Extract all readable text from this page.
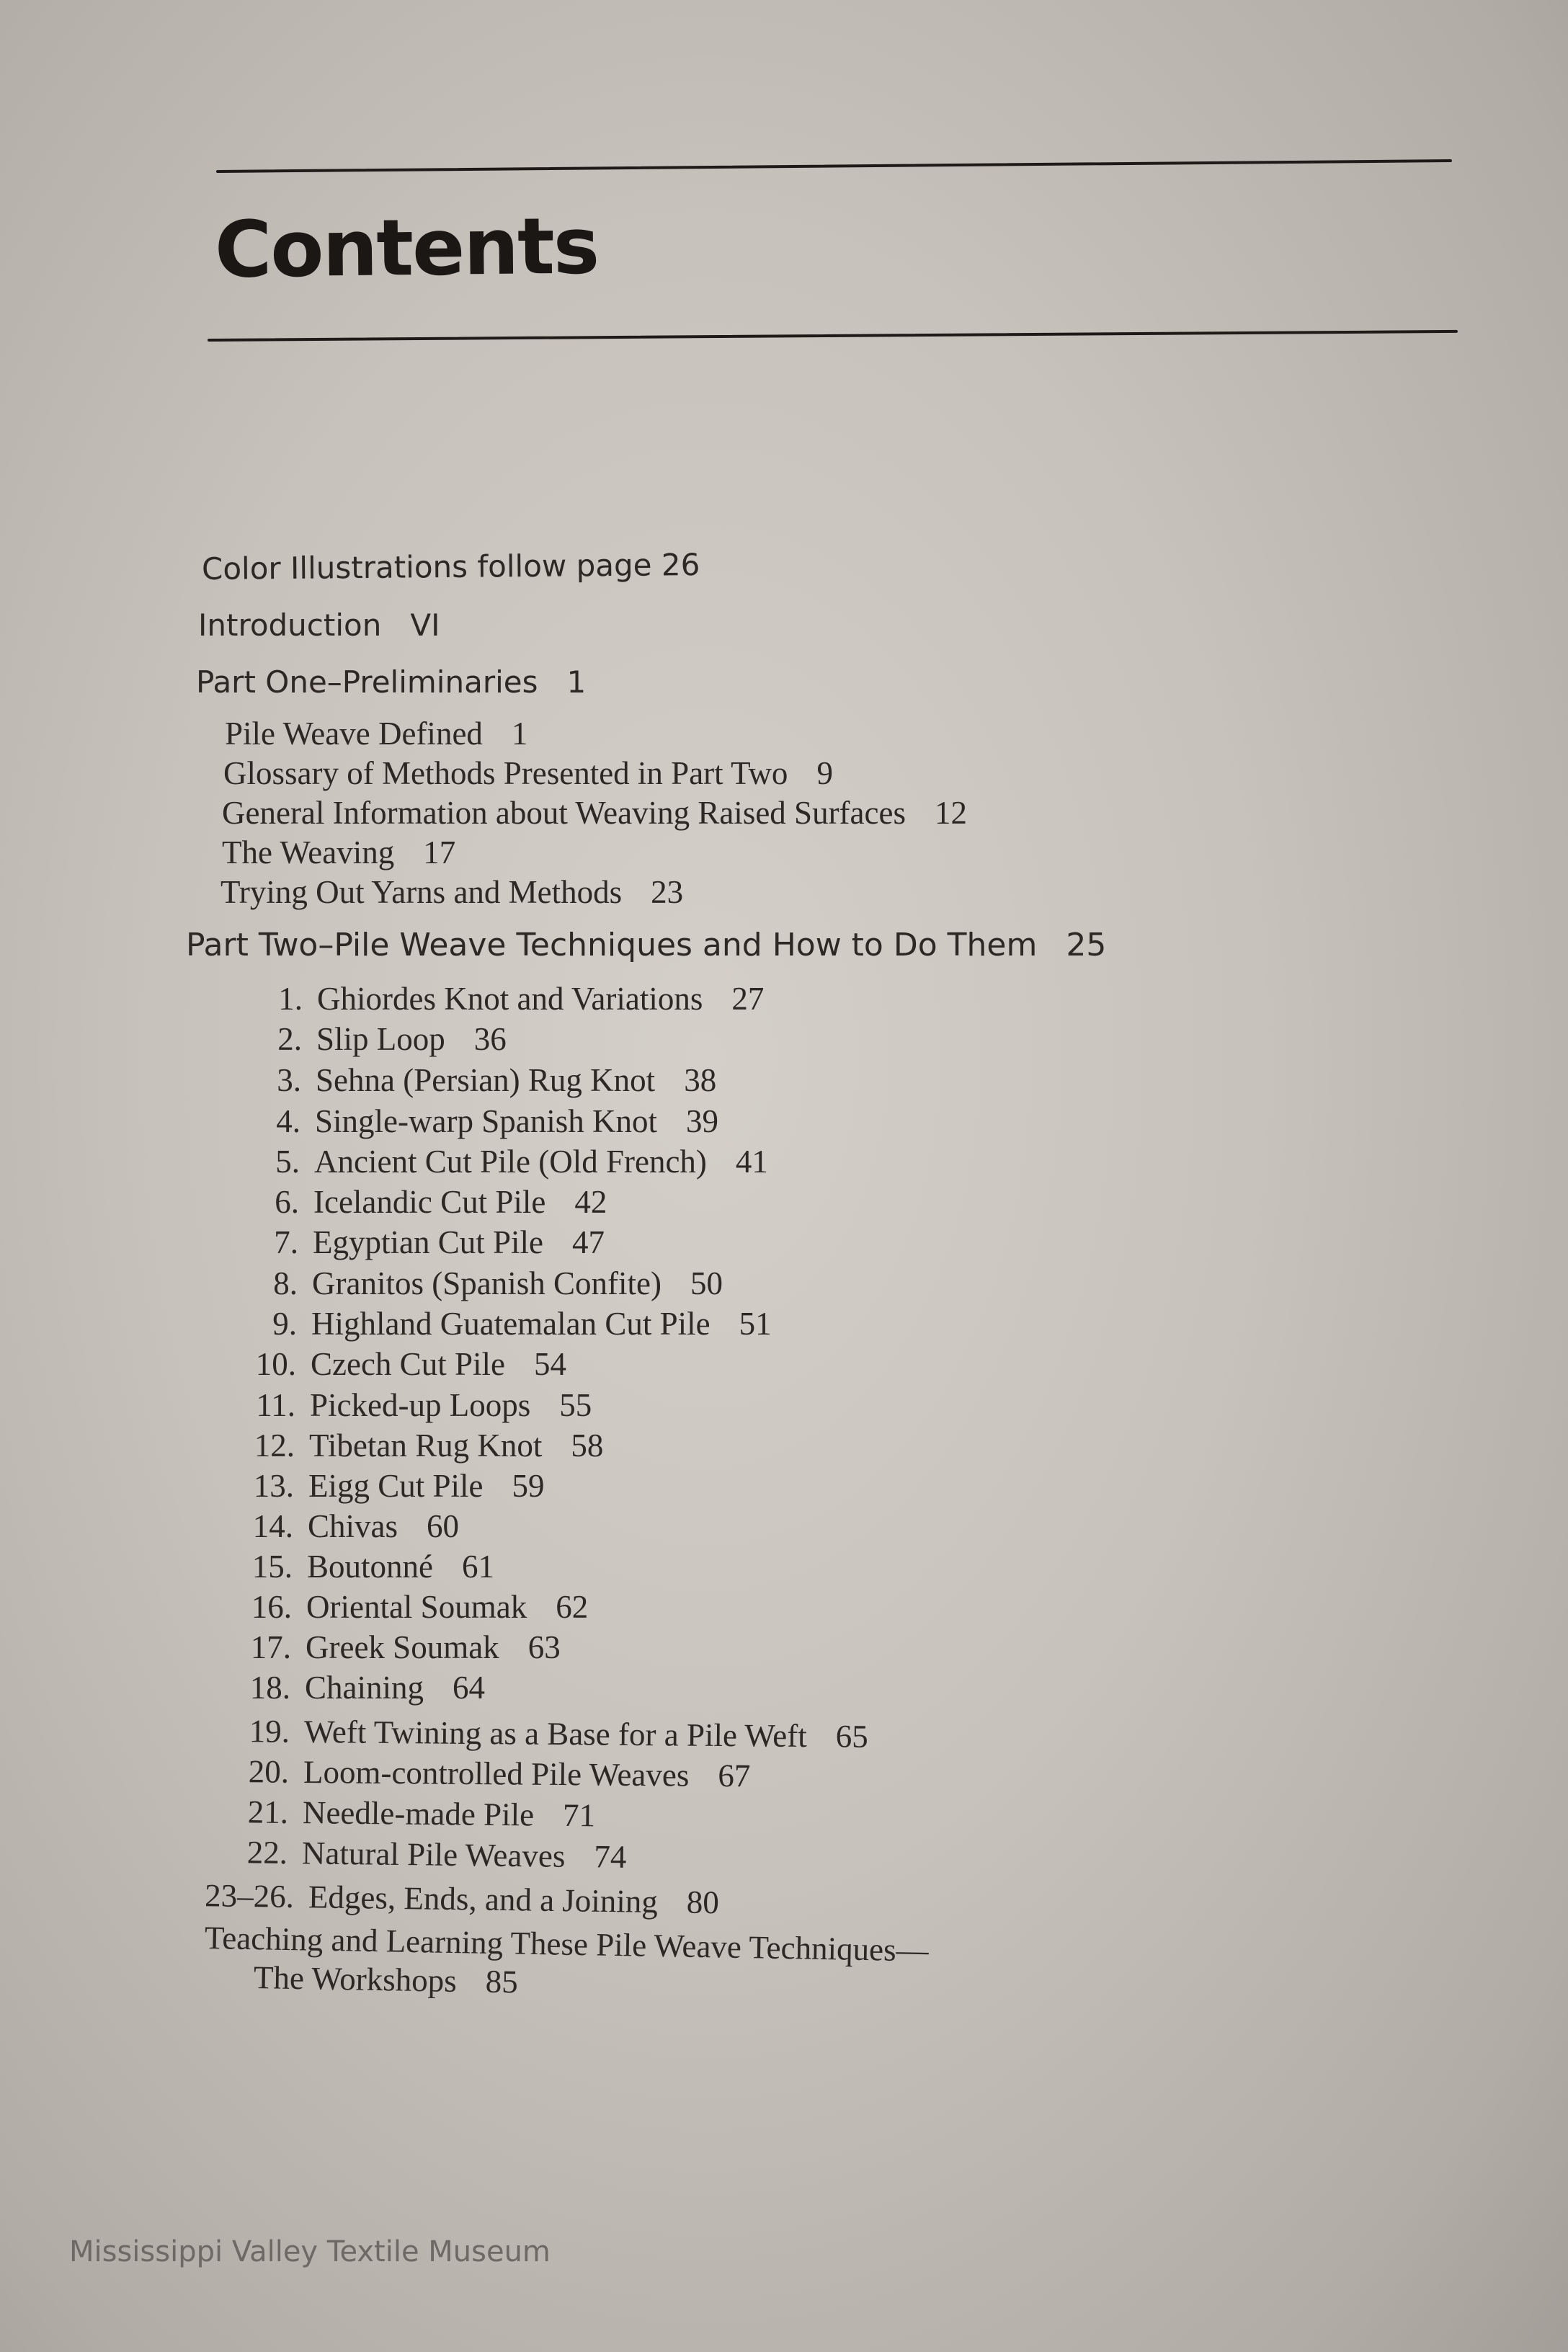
Contents
Color Illustrations follow page 26
Introduction VI
Part One–Preliminaries 1
Pile Weave Defined 1
Glossary of Methods Presented in Part Two 9
General Information about Weaving Raised Surfaces 12
The Weaving 17
Trying Out Yarns and Methods 23
Part Two–Pile Weave Techniques and How to Do Them 25
1. Ghiordes Knot and Variations 27
2. Slip Loop 36
3. Sehna (Persian) Rug Knot 38
4. Single-warp Spanish Knot 39
5. Ancient Cut Pile (Old French) 41
6. Icelandic Cut Pile 42
7. Egyptian Cut Pile 47
8. Granitos (Spanish Confite) 50
9. Highland Guatemalan Cut Pile 51
10. Czech Cut Pile 54
11. Picked-up Loops 55
12. Tibetan Rug Knot 58
13. Eigg Cut Pile 59
14. Chivas 60
15. Boutonné 61
16. Oriental Soumak 62
17. Greek Soumak 63
18. Chaining 64
19. Weft Twining as a Base for a Pile Weft 65
20. Loom-controlled Pile Weaves 67
21. Needle-made Pile 71
22. Natural Pile Weaves 74
23–26. Edges, Ends, and a Joining 80
Teaching and Learning These Pile Weave Techniques—
The Workshops 85
Mississippi Valley Textile Museum
